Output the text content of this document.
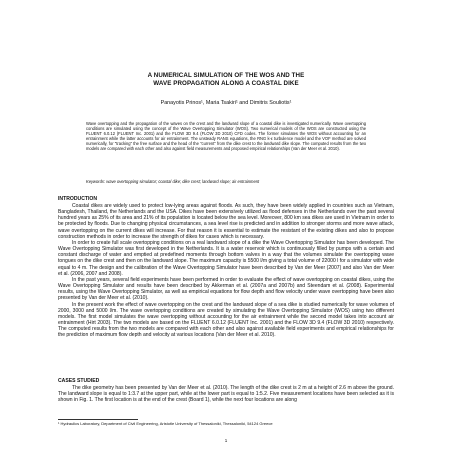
A NUMERICAL SIMULATION OF THE WOS AND THE
WAVE PROPAGATION ALONG A COASTAL DIKE
Panayotis Prinos¹, Maria Tsakiri¹ and Dimitris Souliotis¹
Wave overtopping and the propagation of the waves on the crest and the landward slope of a coastal dike is investigated numerically. Wave overtopping conditions are simulated using the concept of the Wave Overtopping Simulator (WOS). Two numerical models of the WOS are constructed using the FLUENT 6.0.12 (FLUENT Inc. 2001) and the FLOW 3D 9.4 (FLOW 3D 2010) CFD codes. The former simulates the WOS without accounting for an entrainment while the latter accounts for air entrainment. The unsteady RANS equations, the RNG k-ε turbulence model and the VOF method are solved numerically, for "tracking" the free surface and the head of the "current" from the dike crest to the landward dike slope. The computed results from the two models are compared with each other and also against field measurements and proposed empirical relationships (Van der Meer et al. 2010).
Keywords: wave overtopping simulator; coastal dike; dike crest; landward slope; air entrainment
INTRODUCTION

Coastal dikes are widely used to protect low-lying areas against floods. As such, they have been widely applied in countries such as Vietnam, Bangladesh, Thailand, the Netherlands and the USA. Dikes have been extensively utilized as flood defenses in the Netherlands over the past several hundred years as 25% of its area and 21% of its population is located below the sea level. Moreover, 800 km sea dikes are used in Vietnam in order to be protected by floods. Due to changing physical circumstances, a sea level rise is predicted and in addition to stronger storms and more wave attack, wave overtopping on the current dikes will increase. For that reason it is essential to estimate the resistant of the existing dikes and also to propose construction methods in order to increase the strength of dikes for cases which is necessary.

In order to create full scale overtopping conditions on a real landward slope of a dike the Wave Overtopping Simulator has been developed. The Wave Overtopping Simulator was first developed in the Netherlands. It is a water reservoir which is continuously filled by pumps with a certain and constant discharge of water and emptied at predefined moments through bottom valves in a way that the volumes simulate the overtopping wave tongues on the dike crest and then on the landward slope. The maximum capacity is 5500 l/m giving a total volume of 22000 l for a simulator with wide equal to 4 m. The design and the calibration of the Wave Overtopping Simulator have been described by Van der Meer (2007) and also Van der Meer et al. (2006, 2007 and 2008).

In the past years, several field experiments have been performed in order to evaluate the effect of wave overtopping on coastal dikes, using the Wave Overtopping Simulator and results have been described by Akkerman et al. (2007a and 2007b) and Steendam et al. (2008). Experimental results, using the Wave Overtopping Simulator, as well as empirical equations for flow depth and flow velocity under wave overtopping have been also presented by Van der Meer et al. (2010).

In the present work the effect of wave overtopping on the crest and the landward slope of a sea dike is studied numerically for wave volumes of 2000, 3000 and 5000 l/m. The wave overtopping conditions are created by simulating the Wave Overtopping Simulator (WOS) using two different models. The first model simulates the wave overtopping without accounting for the air entrainment while the second model takes into account air entrainment (Hirt 2003). The two models are based on the FLUENT 6.0.12 (FLUENT Inc. 2001) and the FLOW 3D 9.4 (FLOW 3D 2010) respectively. The computed results from the two models are compared with each other and also against available field experiments and empirical relationships for the prediction of maximum flow depth and velocity at various locations (Van der Meer et al. 2010).

CASES STUDIED

The dike geometry has been presented by Van der Meer et al. (2010). The length of the dike crest is 2 m at a height of 2.6 m above the ground. The landward slope is equal to 1:3.7 at the upper part, while at the lower part is equal to 1:5.2. Five measurement locations have been selected as it is shown in Fig. 1. The first location is at the end of the crest (Board 1), while the next four locations are along

¹ Hydraulics Laboratory, Department of Civil Engineering, Aristotle University of Thessaloniki, Thessaloniki, 54124 Greece
1
